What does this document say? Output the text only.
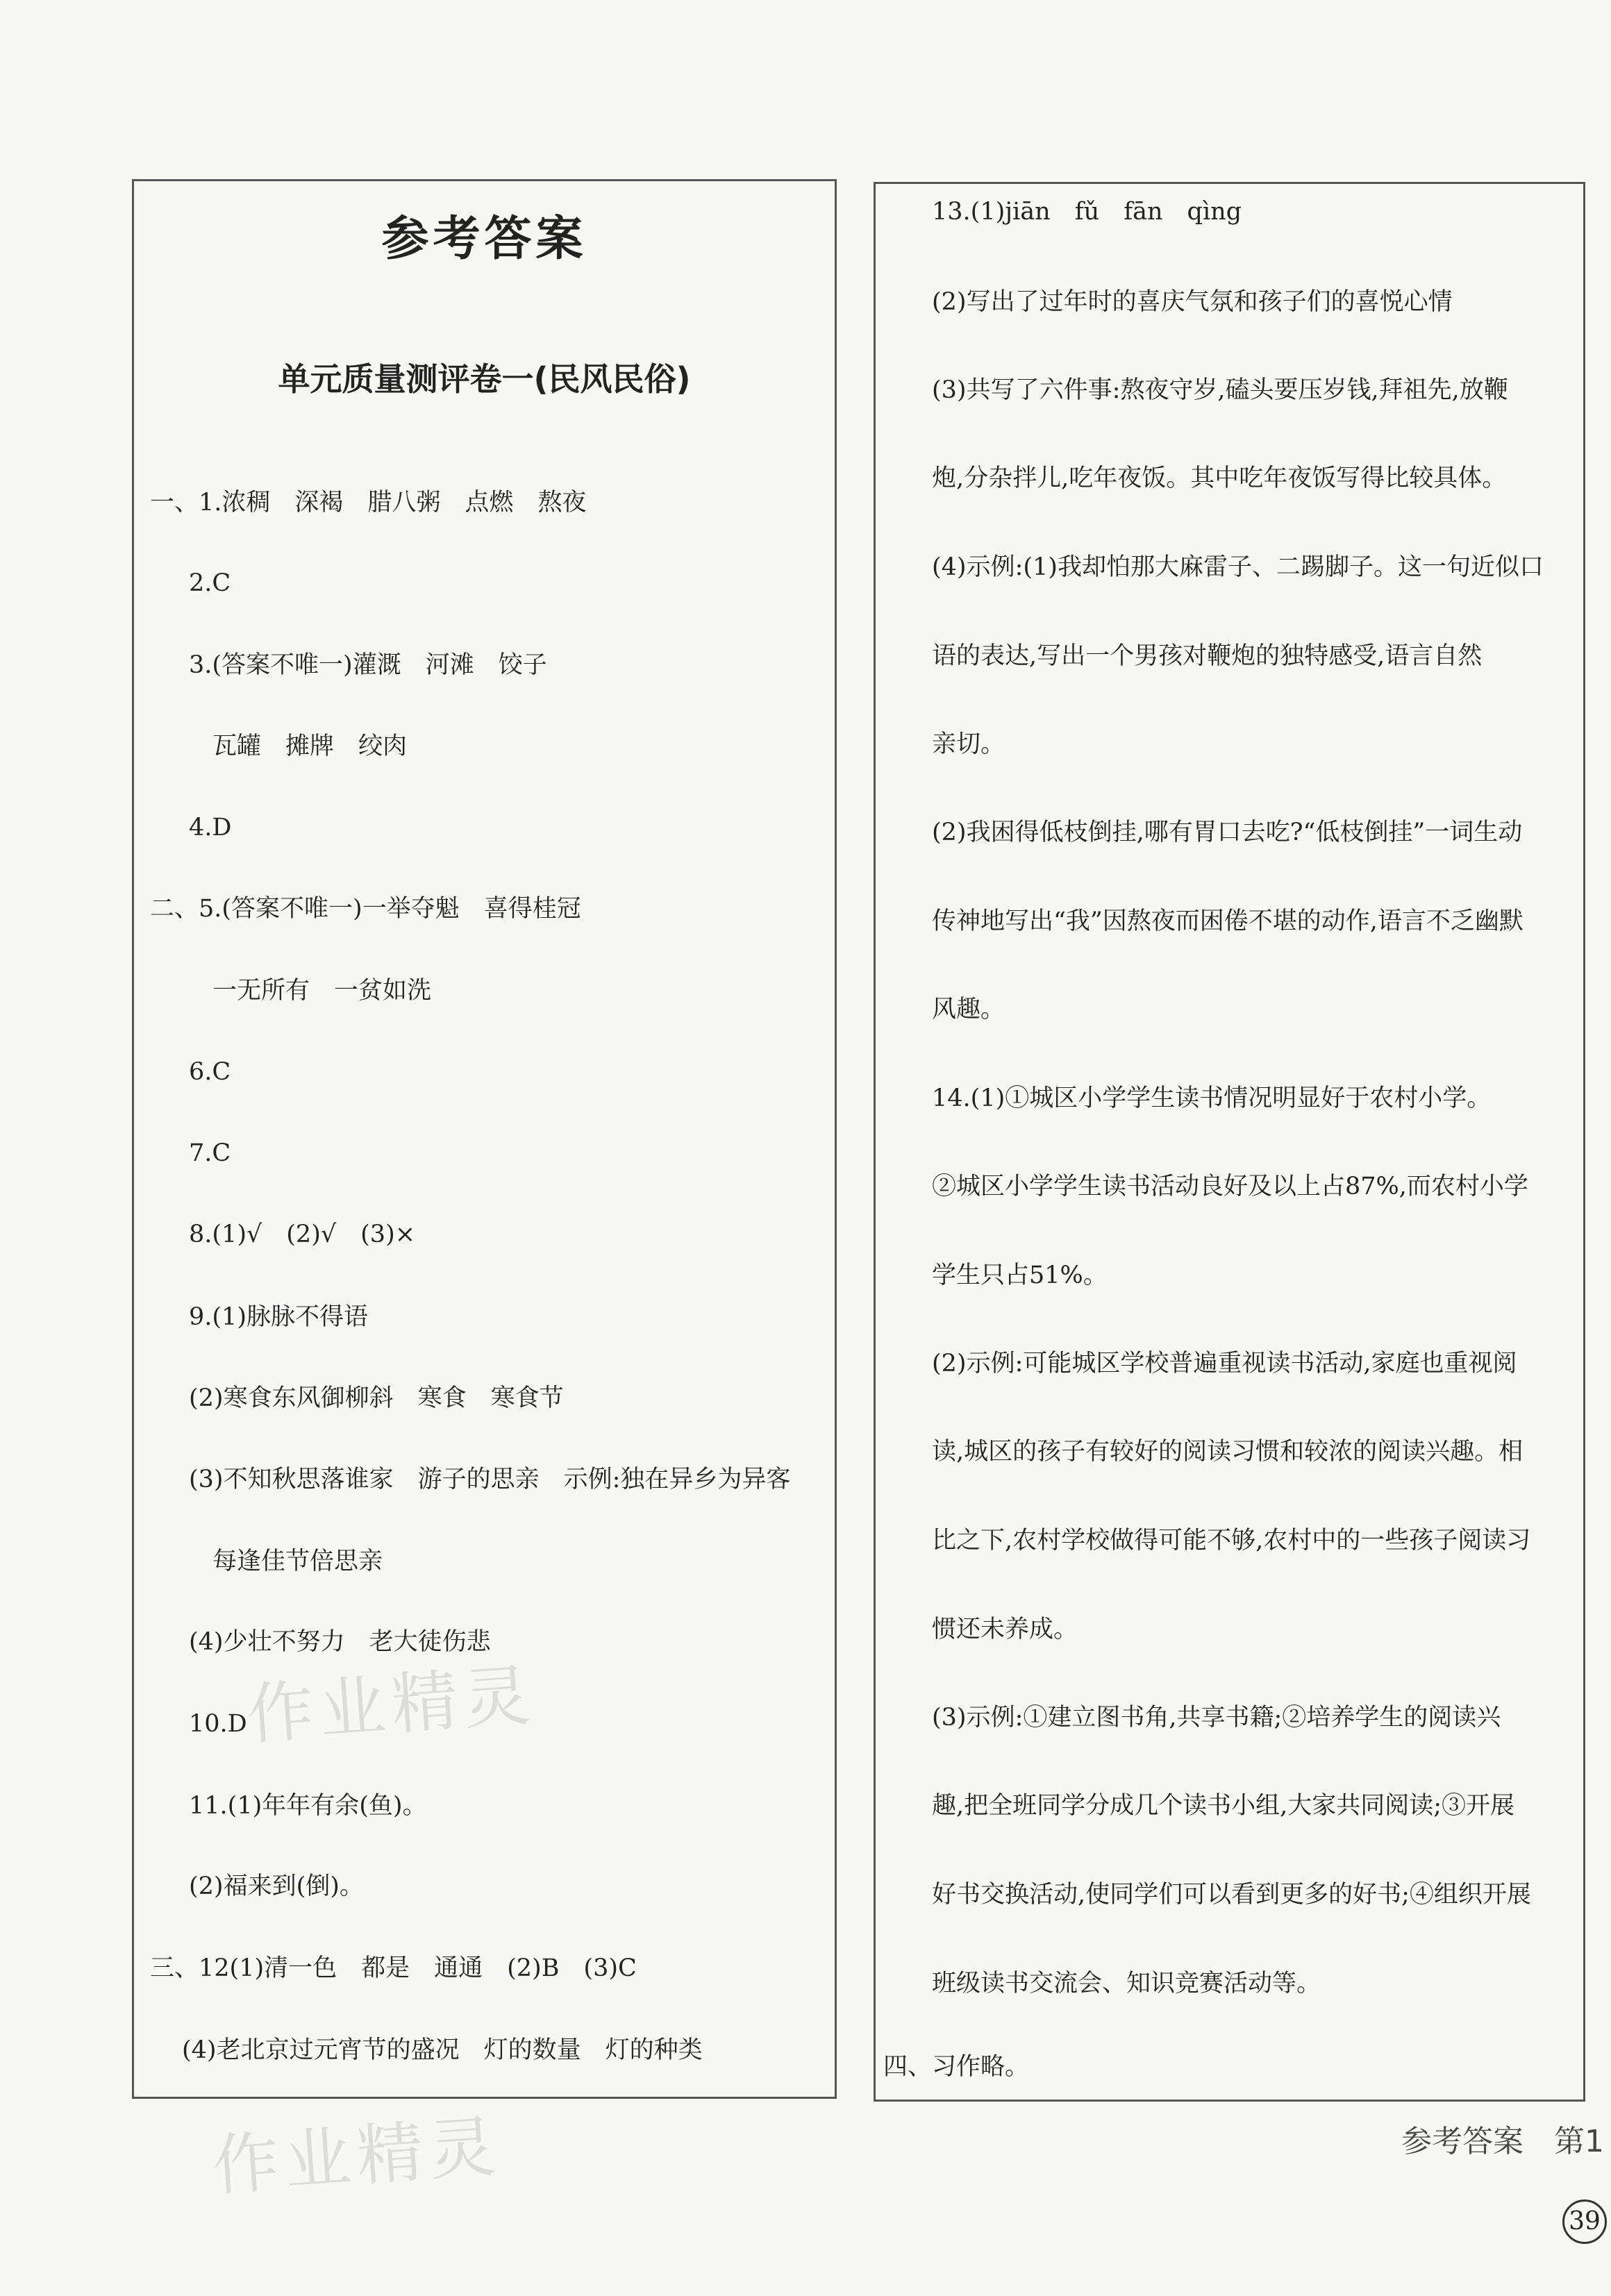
参考答案
单元质量测评卷一(民风民俗)
一、1.浓稠　深褐　腊八粥　点燃　熬夜
2.C
3.(答案不唯一)灌溉　河滩　饺子
瓦罐　摊牌　绞肉
4.D
二、5.(答案不唯一)一举夺魁　喜得桂冠
一无所有　一贫如洗
6.C
7.C
8.(1)√　(2)√　(3)×
9.(1)脉脉不得语
(2)寒食东风御柳斜　寒食　寒食节
(3)不知秋思落谁家　游子的思亲　示例:独在异乡为异客
每逢佳节倍思亲
(4)少壮不努力　老大徒伤悲
10.D
11.(1)年年有余(鱼)。
(2)福来到(倒)。
三、12(1)清一色　都是　通通　(2)B　(3)C
(4)老北京过元宵节的盛况　灯的数量　灯的种类
13.(1)jiān　fǔ　fān　qìng
(2)写出了过年时的喜庆气氛和孩子们的喜悦心情
(3)共写了六件事:熬夜守岁,磕头要压岁钱,拜祖先,放鞭
炮,分杂拌儿,吃年夜饭。其中吃年夜饭写得比较具体。
(4)示例:(1)我却怕那大麻雷子、二踢脚子。这一句近似口
语的表达,写出一个男孩对鞭炮的独特感受,语言自然
亲切。
(2)我困得低枝倒挂,哪有胃口去吃?“低枝倒挂”一词生动
传神地写出“我”因熬夜而困倦不堪的动作,语言不乏幽默
风趣。
14.(1)①城区小学学生读书情况明显好于农村小学。
②城区小学学生读书活动良好及以上占87%,而农村小学
学生只占51%。
(2)示例:可能城区学校普遍重视读书活动,家庭也重视阅
读,城区的孩子有较好的阅读习惯和较浓的阅读兴趣。相
比之下,农村学校做得可能不够,农村中的一些孩子阅读习
惯还未养成。
(3)示例:①建立图书角,共享书籍;②培养学生的阅读兴
趣,把全班同学分成几个读书小组,大家共同阅读;③开展
好书交换活动,使同学们可以看到更多的好书;④组织开展
班级读书交流会、知识竞赛活动等。
四、习作略。
作业精灵
作业精灵	参考答案　第1
39
